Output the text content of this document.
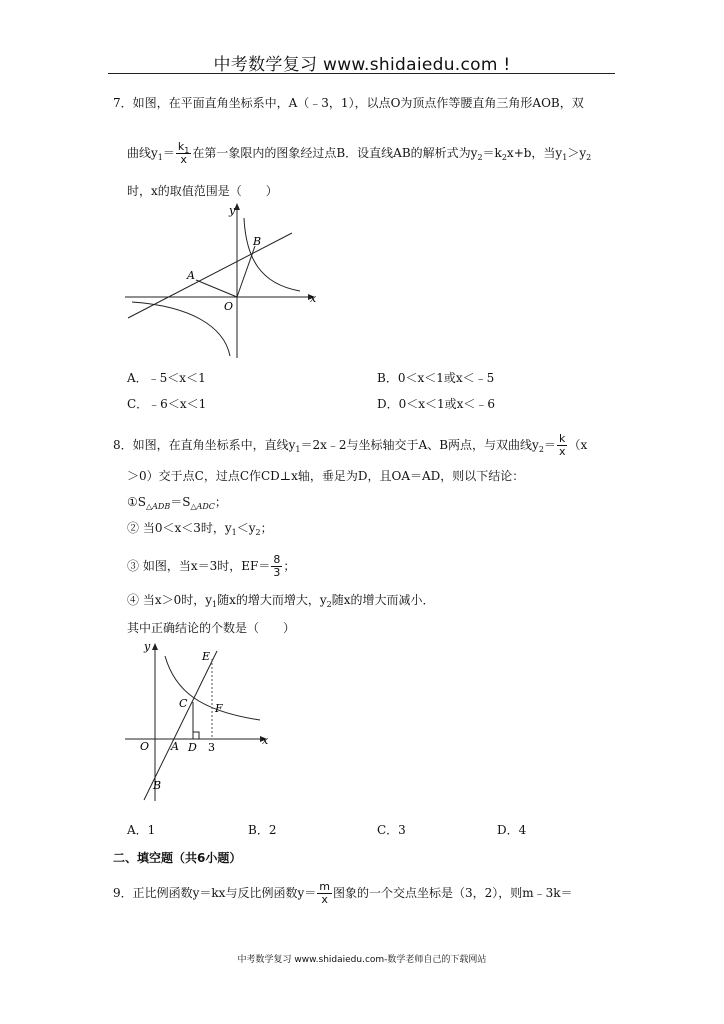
中考数学复习 www.shidaiedu.com !
7．如图，在平面直角坐标系中，A（﹣3，1），以点O为顶点作等腰直角三角形AOB，双
曲线$y_1= \frac{k_1}{x}$ 在第一象限内的图象经过点B．设直线AB的解析式为$y_2=k_2x+b$，当$y_1>y_2$
时，x的取值范围是（　　）
y
x
O
A
B
A．﹣5＜x＜1	B．0＜x＜1或x＜﹣5
C．﹣6＜x＜1	D．0＜x＜1或x＜﹣6
8．如图，在直角坐标系中，直线$y_1=2x﹣2$与坐标轴交于A、B两点，与双曲线$y_2= \frac{k}{x} (x$
＞0）交于点C，过点C作CD⊥x轴，垂足为D，且OA＝AD，则以下结论：
$①S_{\triangle ADB}=S_{\triangle ADC}$；
② 当0＜x＜3时，$y_1<y_2$；
③ 如图，当x＝3时，$EF= \frac{8}{3}$ ；
④ 当x＞0时，$y_1$随x的增大而增大，$y_2$随x的增大而减小．
其中正确结论的个数是（　　）
y
x
O A
B
C
D
E
F
3
A．1	B．2	C．3	D．4
二、填空题（共6小题）
9．正比例函数y＝kx与反比例函数$y= \frac{m}{x}$ 图象的一个交点坐标是（3，2），则m﹣3k＝
中考数学复习 www.shidaiedu.com-数学老师自己的下载网站
